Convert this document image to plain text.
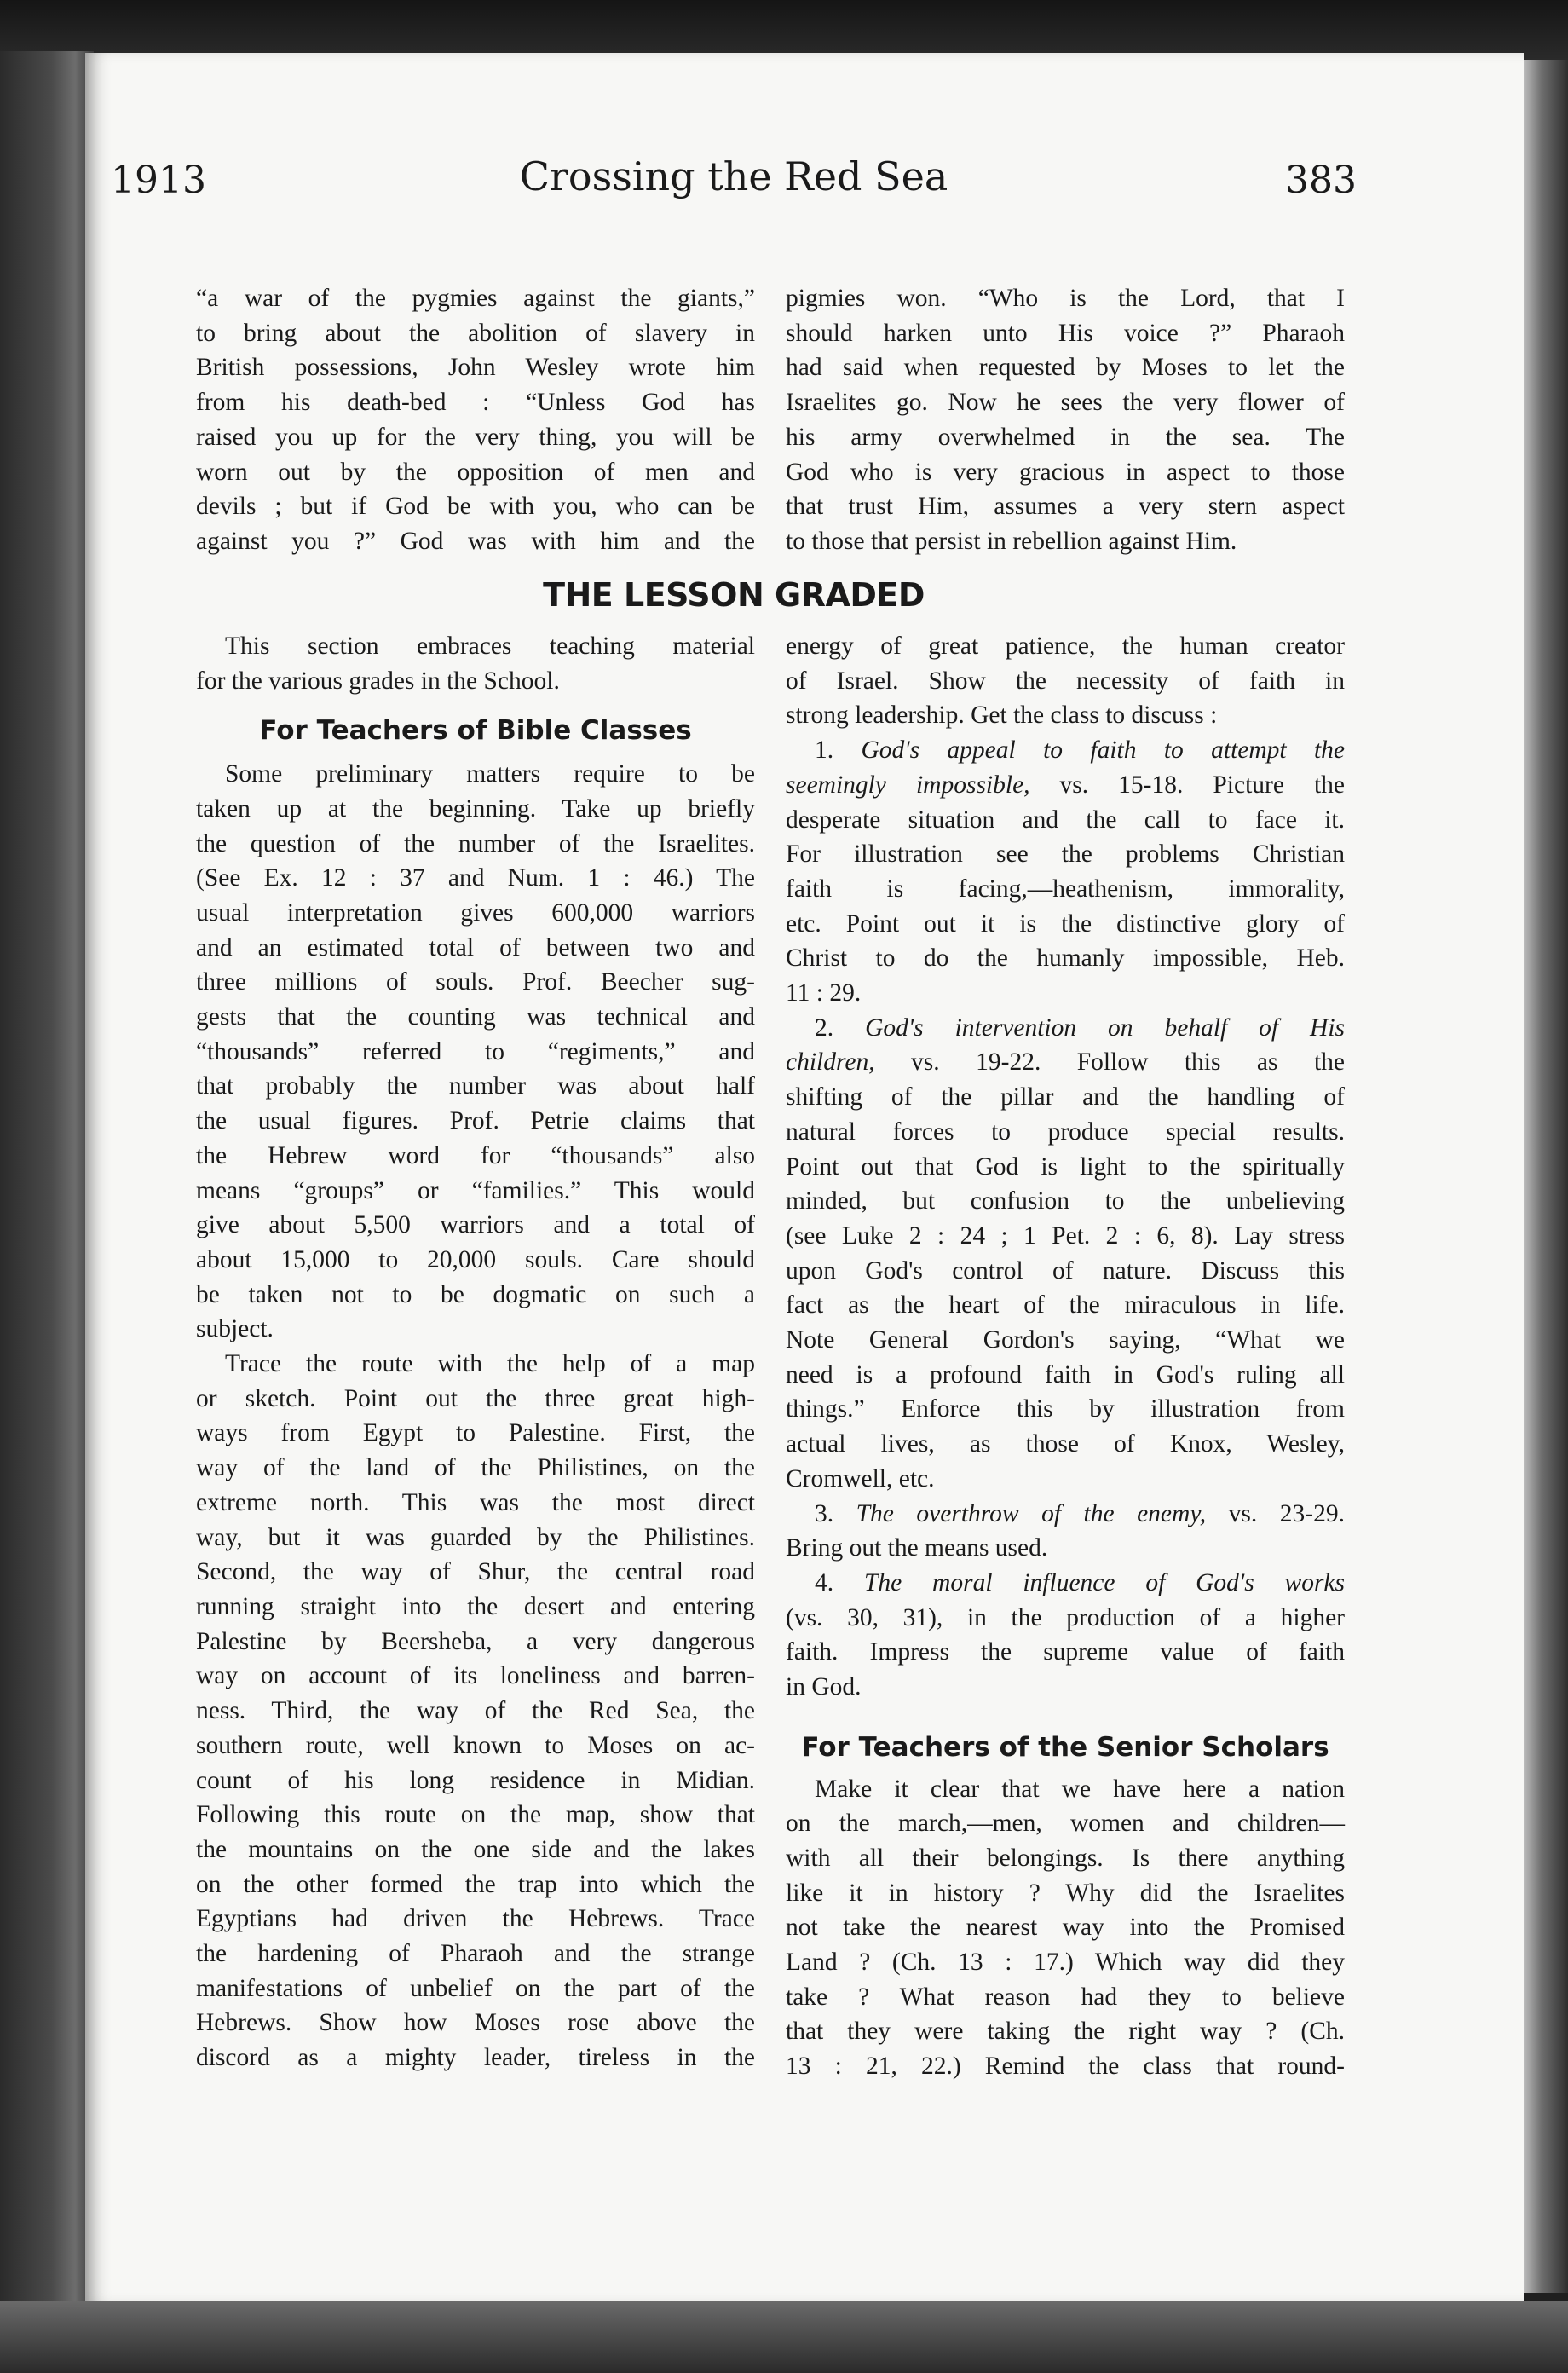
1913	Crossing the Red Sea	383

“a war of the pygmies against the giants,”

to bring about the abolition of slavery in

British possessions, John Wesley wrote him

from his death-bed : “Unless God has

raised you up for the very thing, you will be

worn out by the opposition of men and

devils ; but if God be with you, who can be

against you ?” God was with him and the

pigmies won. “Who is the Lord, that I

should harken unto His voice ?” Pharaoh

had said when requested by Moses to let the

Israelites go. Now he sees the very flower of

his army overwhelmed in the sea. The

God who is very gracious in aspect to those

that trust Him, assumes a very stern aspect

to those that persist in rebellion against Him.

THE LESSON GRADED

This section embraces teaching material

for the various grades in the School.

For Teachers of Bible Classes

Some preliminary matters require to be

taken up at the beginning. Take up briefly

the question of the number of the Israelites.

(See Ex. 12 : 37 and Num. 1 : 46.) The

usual interpretation gives 600,000 warriors

and an estimated total of between two and

three millions of souls. Prof. Beecher sug-

gests that the counting was technical and

“thousands” referred to “regiments,” and

that probably the number was about half

the usual figures. Prof. Petrie claims that

the Hebrew word for “thousands” also

means “groups” or “families.” This would

give about 5,500 warriors and a total of

about 15,000 to 20,000 souls. Care should

be taken not to be dogmatic on such a

subject.

Trace the route with the help of a map

or sketch. Point out the three great high-

ways from Egypt to Palestine. First, the

way of the land of the Philistines, on the

extreme north. This was the most direct

way, but it was guarded by the Philistines.

Second, the way of Shur, the central road

running straight into the desert and entering

Palestine by Beersheba, a very dangerous

way on account of its loneliness and barren-

ness. Third, the way of the Red Sea, the

southern route, well known to Moses on ac-

count of his long residence in Midian.

Following this route on the map, show that

the mountains on the one side and the lakes

on the other formed the trap into which the

Egyptians had driven the Hebrews. Trace

the hardening of Pharaoh and the strange

manifestations of unbelief on the part of the

Hebrews. Show how Moses rose above the

discord as a mighty leader, tireless in the

energy of great patience, the human creator

of Israel. Show the necessity of faith in

strong leadership. Get the class to discuss :

1. God's appeal to faith to attempt the

seemingly impossible, vs. 15-18. Picture the

desperate situation and the call to face it.

For illustration see the problems Christian

faith is facing,—heathenism, immorality,

etc. Point out it is the distinctive glory of

Christ to do the humanly impossible, Heb.

11 : 29.

2. God's intervention on behalf of His

children, vs. 19-22. Follow this as the

shifting of the pillar and the handling of

natural forces to produce special results.

Point out that God is light to the spiritually

minded, but confusion to the unbelieving

(see Luke 2 : 24 ; 1 Pet. 2 : 6, 8). Lay stress

upon God's control of nature. Discuss this

fact as the heart of the miraculous in life.

Note General Gordon's saying, “What we

need is a profound faith in God's ruling all

things.” Enforce this by illustration from

actual lives, as those of Knox, Wesley,

Cromwell, etc.

3. The overthrow of the enemy, vs. 23-29.

Bring out the means used.

4. The moral influence of God's works

(vs. 30, 31), in the production of a higher

faith. Impress the supreme value of faith

in God.

For Teachers of the Senior Scholars

Make it clear that we have here a nation

on the march,—men, women and children—

with all their belongings. Is there anything

like it in history ? Why did the Israelites

not take the nearest way into the Promised

Land ? (Ch. 13 : 17.) Which way did they

take ? What reason had they to believe

that they were taking the right way ? (Ch.

13 : 21, 22.) Remind the class that round-
